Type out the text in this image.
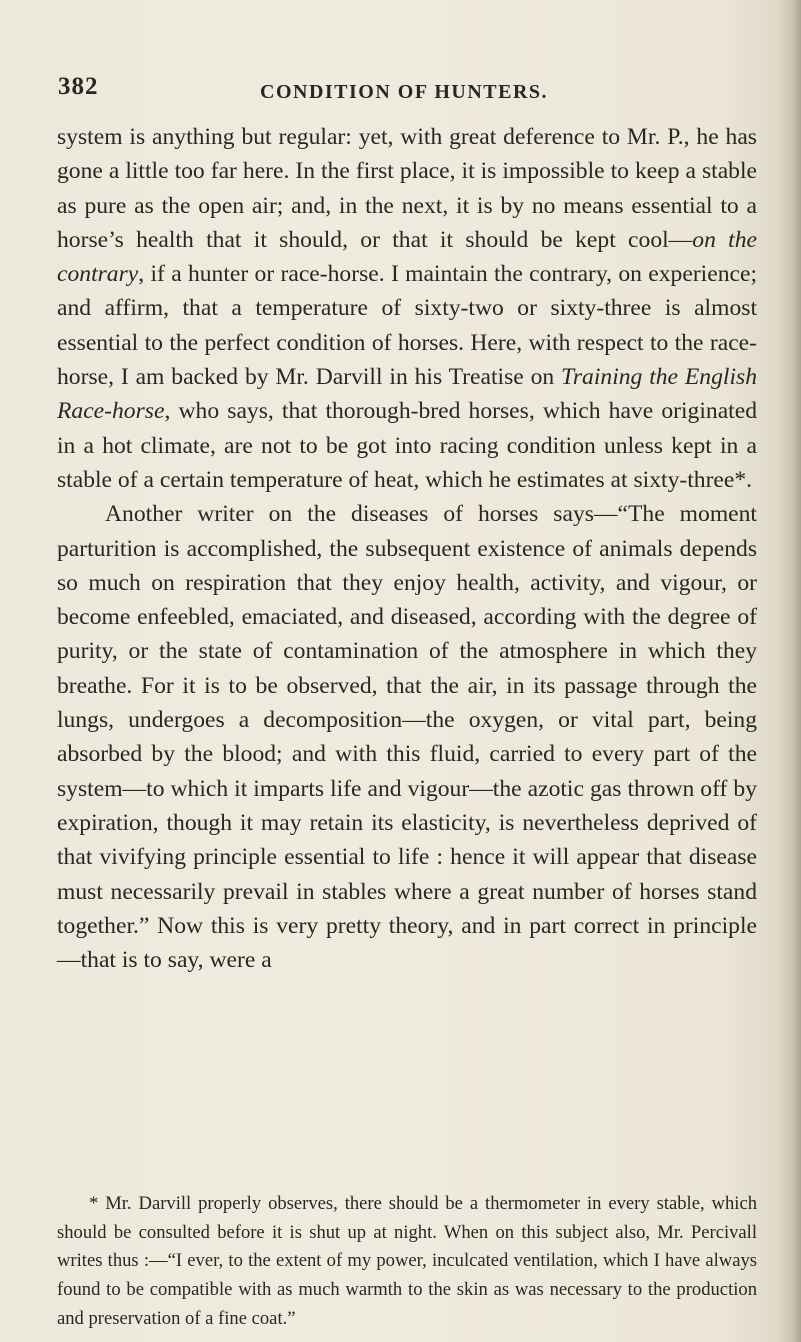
382	CONDITION OF HUNTERS.

system is anything but regular: yet, with great deference to Mr. P., he has gone a little too far here. In the first place, it is impossible to keep a stable as pure as the open air; and, in the next, it is by no means essential to a horse’s health that it should, or that it should be kept cool—on the contrary, if a hunter or race-horse. I maintain the contrary, on experience; and affirm, that a temperature of sixty-two or sixty-three is almost essential to the perfect condition of horses. Here, with respect to the race-horse, I am backed by Mr. Darvill in his Treatise on Training the English Race-horse, who says, that thorough-bred horses, which have originated in a hot climate, are not to be got into racing condition unless kept in a stable of a certain temperature of heat, which he estimates at sixty-three*.

Another writer on the diseases of horses says—“The moment parturition is accomplished, the subsequent existence of animals depends so much on respiration that they enjoy health, activity, and vigour, or become enfeebled, emaciated, and diseased, according with the degree of purity, or the state of contamination of the atmosphere in which they breathe. For it is to be observed, that the air, in its passage through the lungs, undergoes a decomposition—the oxygen, or vital part, being absorbed by the blood; and with this fluid, carried to every part of the system—to which it imparts life and vigour—the azotic gas thrown off by expiration, though it may retain its elasticity, is nevertheless deprived of that vivifying principle essential to life : hence it will appear that disease must necessarily prevail in stables where a great number of horses stand together.” Now this is very pretty theory, and in part correct in principle—that is to say, were a

* Mr. Darvill properly observes, there should be a thermometer in every stable, which should be consulted before it is shut up at night. When on this subject also, Mr. Percivall writes thus :—“I ever, to the extent of my power, inculcated ventilation, which I have always found to be compatible with as much warmth to the skin as was necessary to the production and preservation of a fine coat.”
